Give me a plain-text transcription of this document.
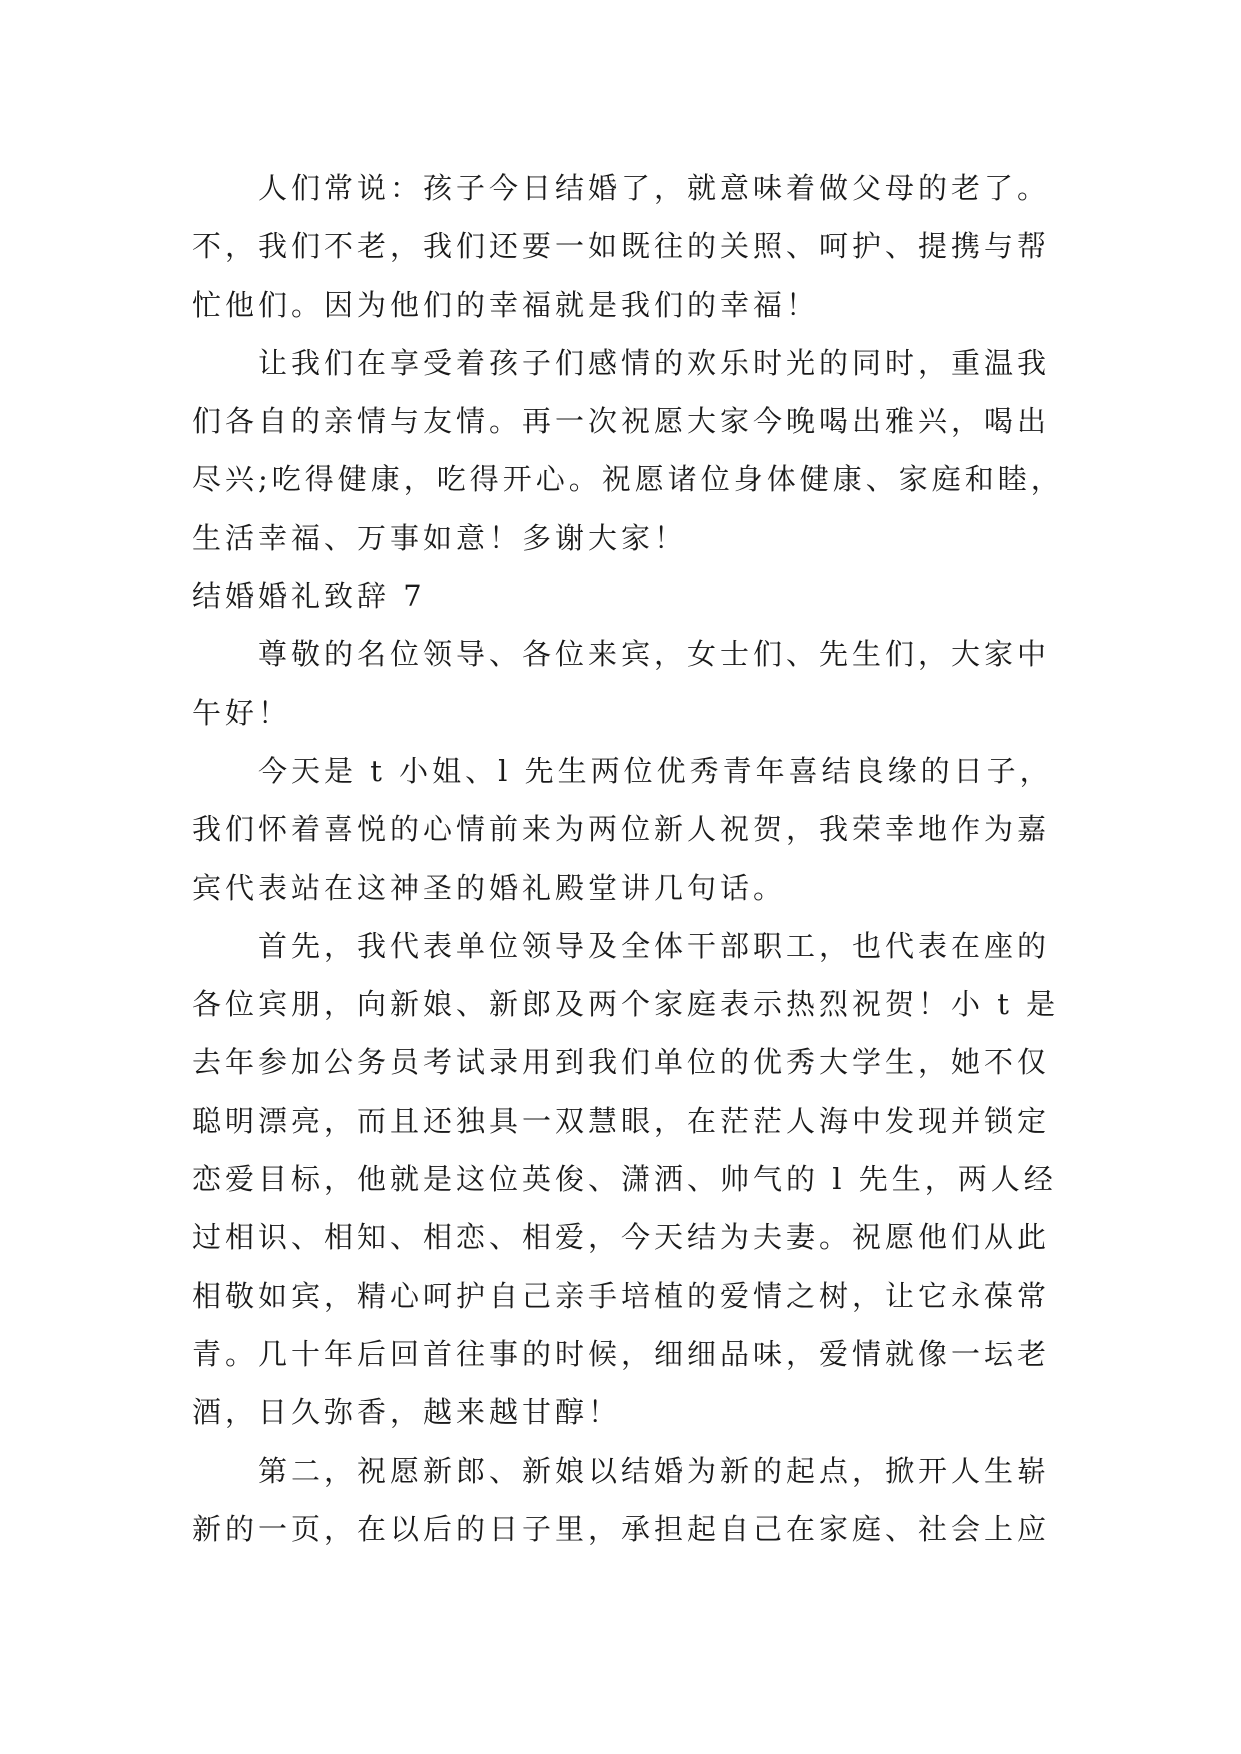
人们常说：孩子今日结婚了，就意味着做父母的老了。
不，我们不老，我们还要一如既往的关照、呵护、提携与帮
忙他们。因为他们的幸福就是我们的幸福！
让我们在享受着孩子们感情的欢乐时光的同时，重温我
们各自的亲情与友情。再一次祝愿大家今晚喝出雅兴，喝出
尽兴;吃得健康，吃得开心。祝愿诸位身体健康、家庭和睦，
生活幸福、万事如意！多谢大家！
结婚婚礼致辞 7
尊敬的名位领导、各位来宾，女士们、先生们，大家中
午好！
今天是 t 小姐、l 先生两位优秀青年喜结良缘的日子，
我们怀着喜悦的心情前来为两位新人祝贺，我荣幸地作为嘉
宾代表站在这神圣的婚礼殿堂讲几句话。
首先，我代表单位领导及全体干部职工，也代表在座的
各位宾朋，向新娘、新郎及两个家庭表示热烈祝贺！小 t 是
去年参加公务员考试录用到我们单位的优秀大学生，她不仅
聪明漂亮，而且还独具一双慧眼，在茫茫人海中发现并锁定
恋爱目标，他就是这位英俊、潇洒、帅气的 l 先生，两人经
过相识、相知、相恋、相爱，今天结为夫妻。祝愿他们从此
相敬如宾，精心呵护自己亲手培植的爱情之树，让它永葆常
青。几十年后回首往事的时候，细细品味，爱情就像一坛老
酒，日久弥香，越来越甘醇！
第二，祝愿新郎、新娘以结婚为新的起点，掀开人生崭
新的一页，在以后的日子里，承担起自己在家庭、社会上应
